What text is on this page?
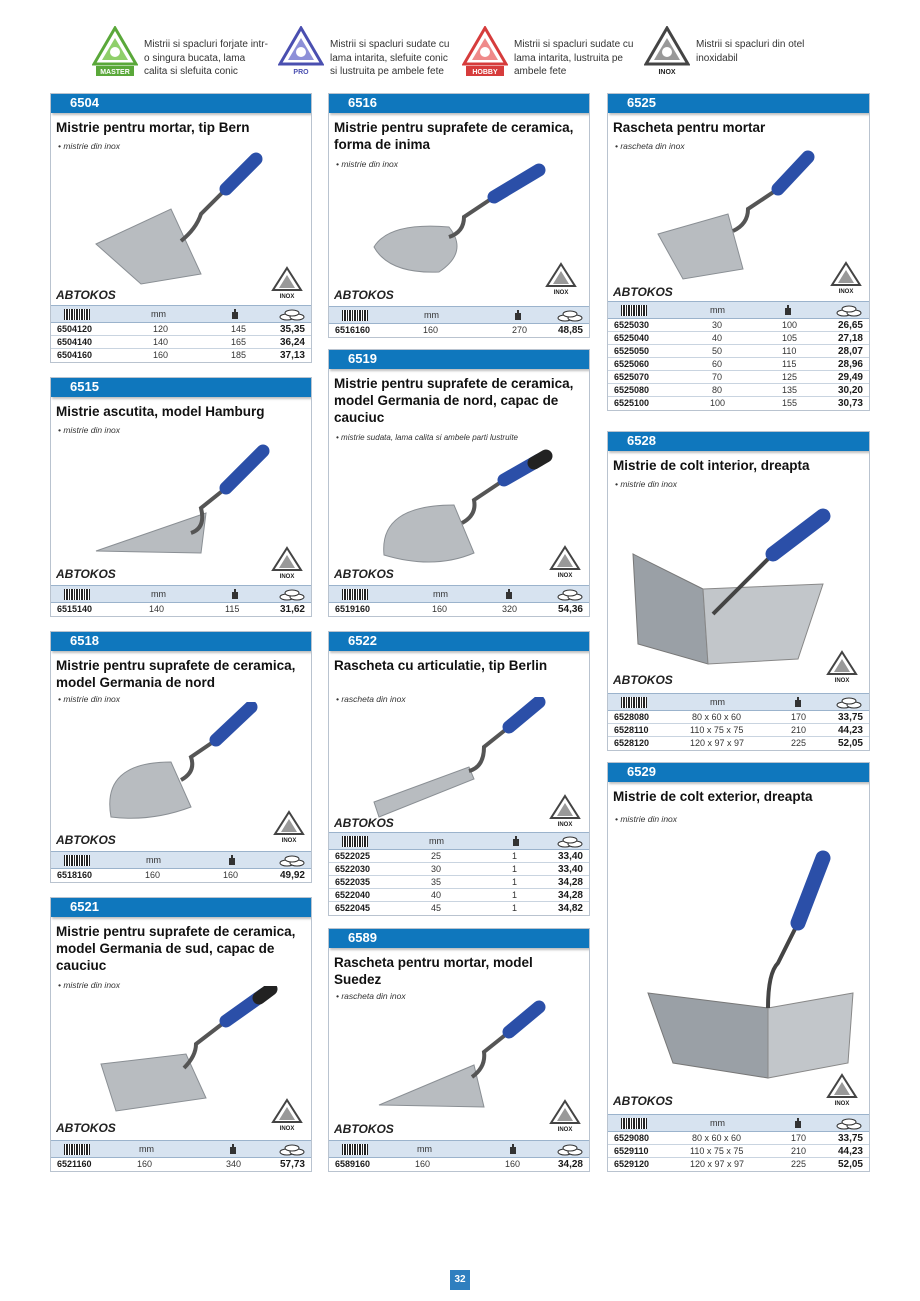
MASTER
Mistrii si spacluri forjate intr-o singura bucata, lama calita si slefuita conic	PRO
Mistrii si spacluri sudate cu lama intarita, slefuite conic si lustruita pe ambele fete	HOBBY
Mistrii si spacluri sudate cu lama intarita, lustruita pe ambele fete	INOX
Mistrii si spacluri din otel inoxidabil
6504
Mistrie pentru mortar, tip Bern
• mistrie din inox
ABTOKOS	INOX
mm
6504120	120	145	35,35
6504140	140	165	36,24
6504160	160	185	37,13
6515
Mistrie ascutita, model Hamburg
• mistrie din inox
ABTOKOS	INOX
mm
6515140	140	115	31,62
6518
Mistrie pentru suprafete de ceramica, model Germania de nord
• mistrie din inox
ABTOKOS	INOX
mm
6518160	160	160	49,92
6521
Mistrie pentru suprafete de ceramica, model Germania de sud, capac de cauciuc
• mistrie din inox
ABTOKOS	INOX
mm
6521160	160	340	57,73
6516
Mistrie pentru suprafete de ceramica, forma de inima
• mistrie din inox
ABTOKOS	INOX
mm
6516160	160	270	48,85
6519
Mistrie pentru suprafete de ceramica, model Germania de nord, capac de cauciuc
• mistrie sudata, lama calita si ambele parti lustruite
ABTOKOS	INOX
mm
6519160	160	320	54,36
6522
Rascheta cu articulatie, tip Berlin
• rascheta din inox
ABTOKOS	INOX
mm
6522025	25	1	33,40
6522030	30	1	33,40
6522035	35	1	34,28
6522040	40	1	34,28
6522045	45	1	34,82
6589
Rascheta pentru mortar, model Suedez
• rascheta din inox
ABTOKOS	INOX
mm
6589160	160	160	34,28
6525
Rascheta pentru mortar
• rascheta din inox
ABTOKOS	INOX
mm
6525030	30	100	26,65
6525040	40	105	27,18
6525050	50	110	28,07
6525060	60	115	28,96
6525070	70	125	29,49
6525080	80	135	30,20
6525100	100	155	30,73
6528
Mistrie de colt interior, dreapta
• mistrie din inox
ABTOKOS	INOX
mm
6528080	80 x 60 x 60	170	33,75
6528110	110 x 75 x 75	210	44,23
6528120	120 x 97 x 97	225	52,05
6529
Mistrie de colt exterior, dreapta
• mistrie din inox
ABTOKOS	INOX
mm
6529080	80 x 60 x 60	170	33,75
6529110	110 x 75 x 75	210	44,23
6529120	120 x 97 x 97	225	52,05
32
